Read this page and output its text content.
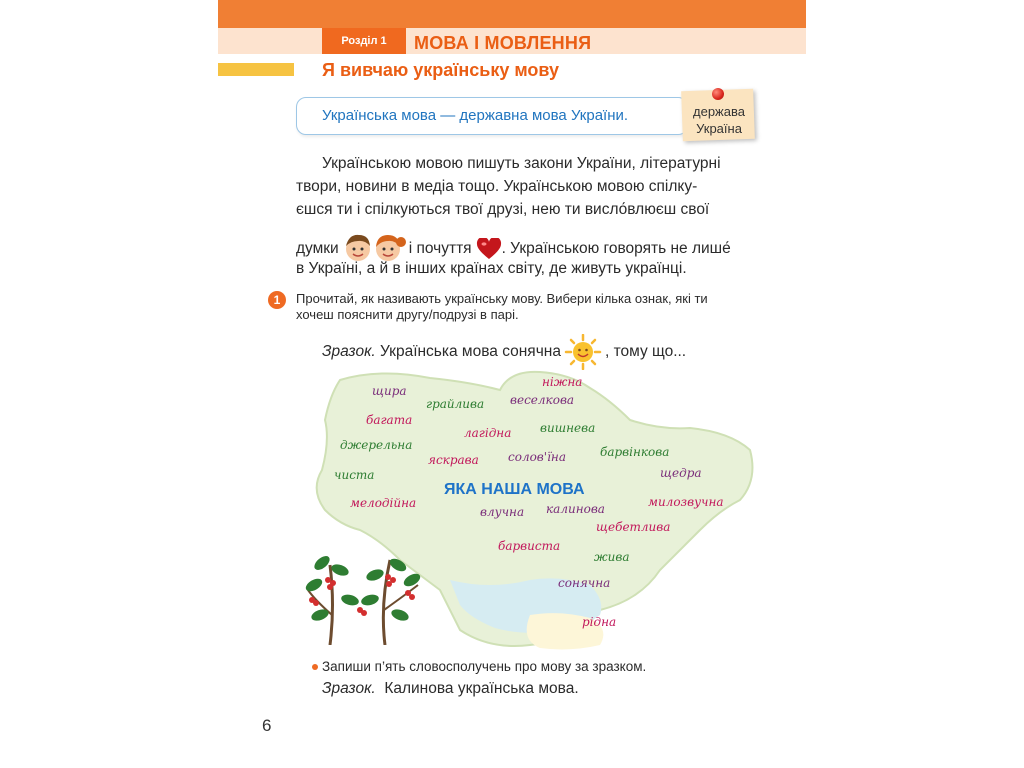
Розділ 1	МОВА І МОВЛЕННЯ
Я вивчаю українську мову
Українська мова — державна мова України.	держава
Україна
Українською мовою пишуть закони України, літературні
твори, новини в медіа тощо. Українською мовою спілку-
єшся ти і спілкуються твої друзі, нею ти висло́влюєш свої
думки	і почуття . Українською говорять не лише́
в Україні, а й в інших країнах світу, де живуть українці.
1	Прочитай, як називають українську мову. Вибери кілька ознак, які ти
хочеш пояснити другу/подрузі в парі.
Зразок.
Українська мова сонячна	, тому що...
ЯКА НАША МОВА
щира
грайлива
ніжна
веселкова
багата
вишнева
лагідна
джерельна	барвінкова
яскрава солов'їна
щедра
чиста
мелодійна	милозвучна
влучна калинова
щебетлива
барвиста
жива
сонячна
рідна
Запиши п’ять словосполучень про мову за зразком.
Зразок. Калинова українська мова.
6
